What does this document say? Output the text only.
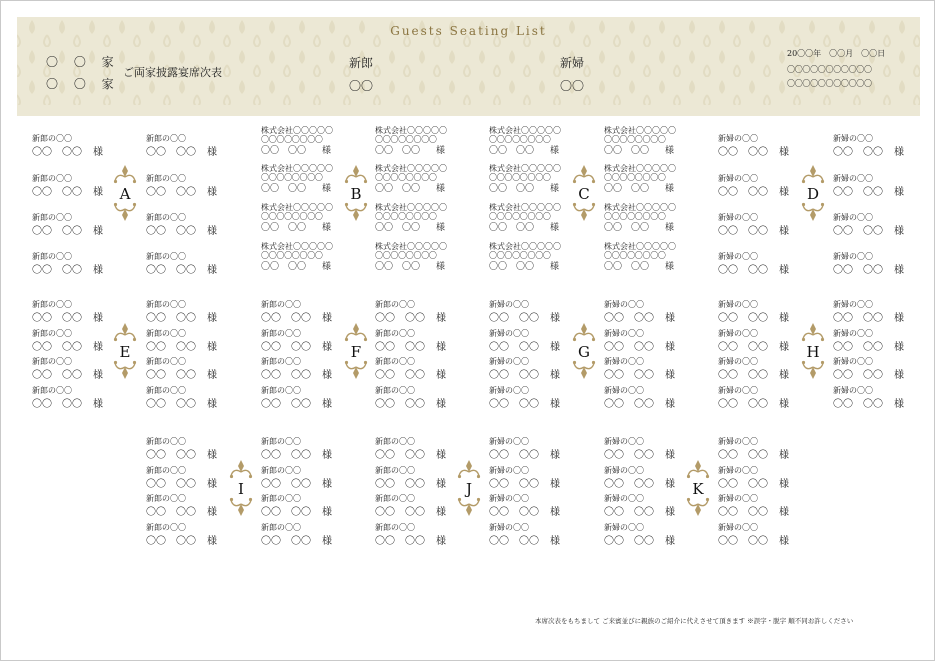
Guests Seating List
〇 〇 家
〇 〇 家
ご両家披露宴席次表
新郎
〇〇
新婦
〇〇
20〇〇年　〇〇月　〇〇日
〇〇〇〇〇〇〇〇〇〇〇
〇〇〇〇〇〇〇〇〇〇〇
新郎の〇〇
〇〇　〇〇 様
新郎の〇〇
〇〇　〇〇 様
新郎の〇〇
〇〇　〇〇 様
新郎の〇〇
〇〇　〇〇 様
新郎の〇〇
〇〇　〇〇 様
新郎の〇〇
〇〇　〇〇 様
新郎の〇〇
〇〇　〇〇 様
新郎の〇〇
〇〇　〇〇 様
株式会社〇〇〇〇〇
〇〇〇〇〇〇〇〇
〇〇　〇〇 様
株式会社〇〇〇〇〇
〇〇〇〇〇〇〇〇
〇〇　〇〇 様
株式会社〇〇〇〇〇
〇〇〇〇〇〇〇〇
〇〇　〇〇 様
株式会社〇〇〇〇〇
〇〇〇〇〇〇〇〇
〇〇　〇〇 様
株式会社〇〇〇〇〇
〇〇〇〇〇〇〇〇
〇〇　〇〇 様
株式会社〇〇〇〇〇
〇〇〇〇〇〇〇〇
〇〇　〇〇 様
株式会社〇〇〇〇〇
〇〇〇〇〇〇〇〇
〇〇　〇〇 様
株式会社〇〇〇〇〇
〇〇〇〇〇〇〇〇
〇〇　〇〇 様
株式会社〇〇〇〇〇
〇〇〇〇〇〇〇〇
〇〇　〇〇 様
株式会社〇〇〇〇〇
〇〇〇〇〇〇〇〇
〇〇　〇〇 様
株式会社〇〇〇〇〇
〇〇〇〇〇〇〇〇
〇〇　〇〇 様
株式会社〇〇〇〇〇
〇〇〇〇〇〇〇〇
〇〇　〇〇 様
株式会社〇〇〇〇〇
〇〇〇〇〇〇〇〇
〇〇　〇〇 様
株式会社〇〇〇〇〇
〇〇〇〇〇〇〇〇
〇〇　〇〇 様
株式会社〇〇〇〇〇
〇〇〇〇〇〇〇〇
〇〇　〇〇 様
株式会社〇〇〇〇〇
〇〇〇〇〇〇〇〇
〇〇　〇〇 様
新婦の〇〇
〇〇　〇〇 様
新婦の〇〇
〇〇　〇〇 様
新婦の〇〇
〇〇　〇〇 様
新婦の〇〇
〇〇　〇〇 様
新婦の〇〇
〇〇　〇〇 様
新婦の〇〇
〇〇　〇〇 様
新婦の〇〇
〇〇　〇〇 様
新婦の〇〇
〇〇　〇〇 様
A	B	C	D
新郎の〇〇
〇〇　〇〇 様
新郎の〇〇
〇〇　〇〇 様
新郎の〇〇
〇〇　〇〇 様
新郎の〇〇
〇〇　〇〇 様
新郎の〇〇
〇〇　〇〇 様
新郎の〇〇
〇〇　〇〇 様
新郎の〇〇
〇〇　〇〇 様
新郎の〇〇
〇〇　〇〇 様
新郎の〇〇
〇〇　〇〇 様
新郎の〇〇
〇〇　〇〇 様
新郎の〇〇
〇〇　〇〇 様
新郎の〇〇
〇〇　〇〇 様
新郎の〇〇
〇〇　〇〇 様
新郎の〇〇
〇〇　〇〇 様
新郎の〇〇
〇〇　〇〇 様
新郎の〇〇
〇〇　〇〇 様
新婦の〇〇
〇〇　〇〇 様
新婦の〇〇
〇〇　〇〇 様
新婦の〇〇
〇〇　〇〇 様
新婦の〇〇
〇〇　〇〇 様
新婦の〇〇
〇〇　〇〇 様
新婦の〇〇
〇〇　〇〇 様
新婦の〇〇
〇〇　〇〇 様
新婦の〇〇
〇〇　〇〇 様
新婦の〇〇
〇〇　〇〇 様
新婦の〇〇
〇〇　〇〇 様
新婦の〇〇
〇〇　〇〇 様
新婦の〇〇
〇〇　〇〇 様
新婦の〇〇
〇〇　〇〇 様
新婦の〇〇
〇〇　〇〇 様
新婦の〇〇
〇〇　〇〇 様
新婦の〇〇
〇〇　〇〇 様
E	F	G	H
新郎の〇〇
〇〇　〇〇 様
新郎の〇〇
〇〇　〇〇 様
新郎の〇〇
〇〇　〇〇 様
新郎の〇〇
〇〇　〇〇 様
新郎の〇〇
〇〇　〇〇 様
新郎の〇〇
〇〇　〇〇 様
新郎の〇〇
〇〇　〇〇 様
新郎の〇〇
〇〇　〇〇 様
新郎の〇〇
〇〇　〇〇 様
新郎の〇〇
〇〇　〇〇 様
新郎の〇〇
〇〇　〇〇 様
新郎の〇〇
〇〇　〇〇 様
新婦の〇〇
〇〇　〇〇 様
新婦の〇〇
〇〇　〇〇 様
新婦の〇〇
〇〇　〇〇 様
新婦の〇〇
〇〇　〇〇 様
新婦の〇〇
〇〇　〇〇 様
新婦の〇〇
〇〇　〇〇 様
新婦の〇〇
〇〇　〇〇 様
新婦の〇〇
〇〇　〇〇 様
新婦の〇〇
〇〇　〇〇 様
新婦の〇〇
〇〇　〇〇 様
新婦の〇〇
〇〇　〇〇 様
新婦の〇〇
〇〇　〇〇 様
I	J	K
本席次表をもちまして ご来賓並びに親族のご紹介に代えさせて頂きます ※誤字・脱字 順不同お許しください
